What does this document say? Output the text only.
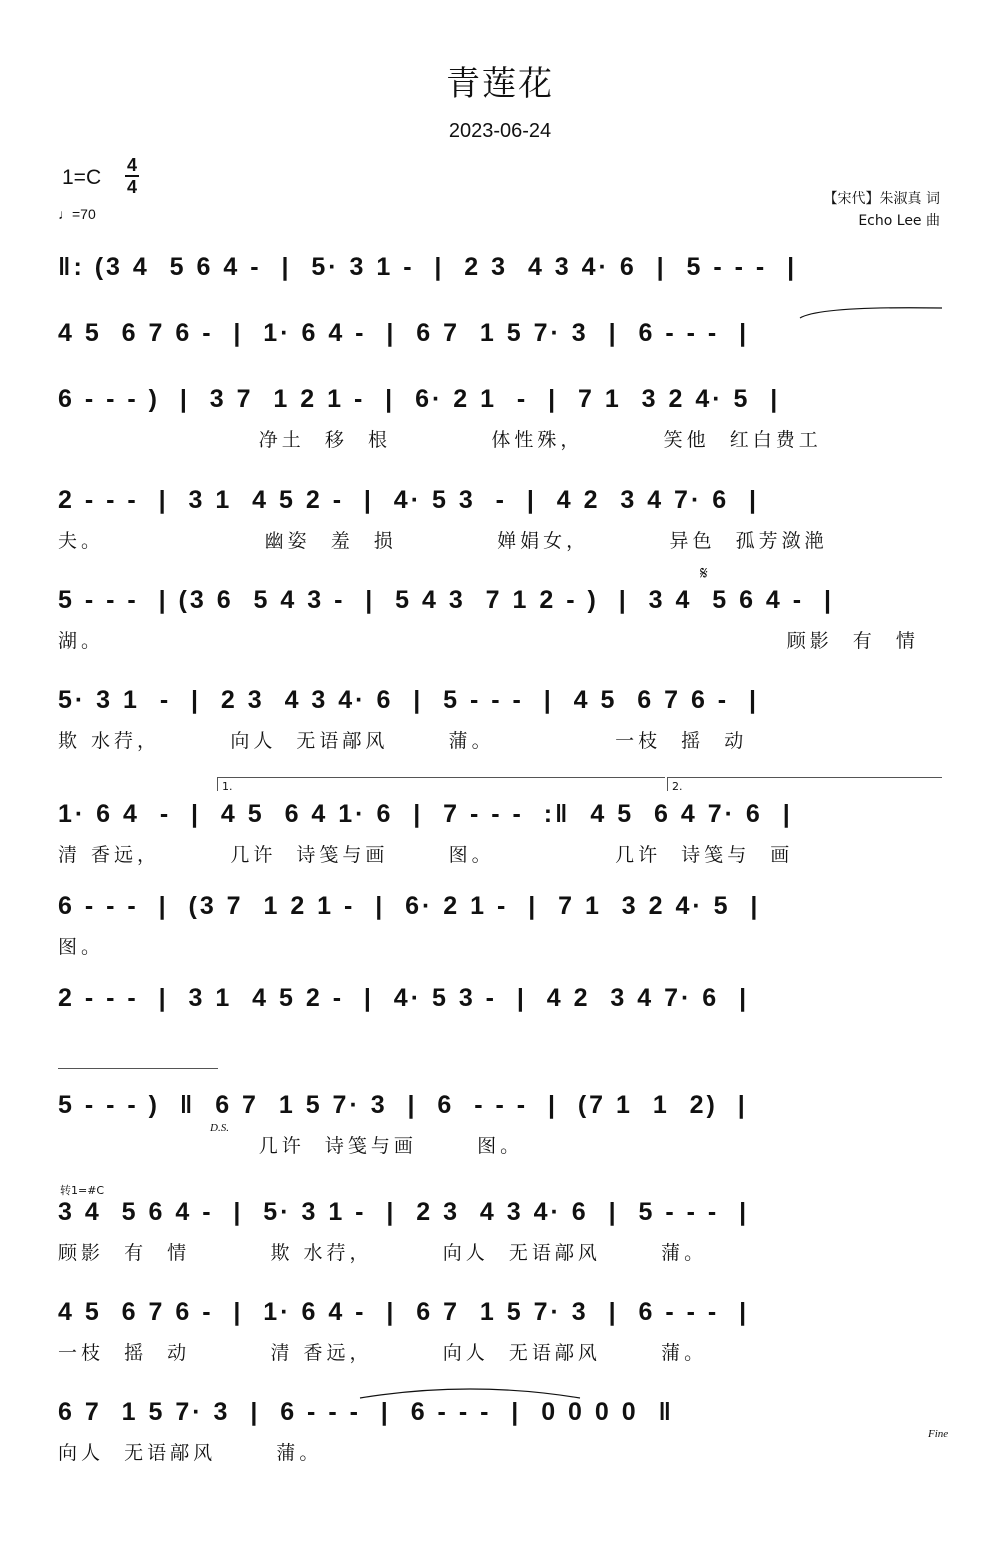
青莲花
2023-06-24
1=C
4
4
♩=70
【宋代】朱淑真 词
Echo Lee 曲
𝄋
1.	2.
D.S.
Fine
转1=#C
‖: (3 4  5 6 4 -  |  5· 3 1 -  |  2 3  4 3 4· 6  |  5 - - -  |
4 5  6 7 6 -  |  1· 6 4 -  |  6 7  1 5 7· 3  |  6 - - -  |
6 - - - )  |  3 7  1 2 1 -  |  6· 2 1  -  |  7 1  3 2 4· 5  |
净土  移  根          体性殊，        笑他  红白费工
2 - - -  |  3 1  4 5 2 -  |  4· 5 3  -  |  4 2  3 4 7· 6  |
夫。                幽姿  羞  损          婵娟女，        异色  孤芳潋滟
5 - - -  | (3 6  5 4 3 -  |  5 4 3  7 1 2 - )  |  3 4  5 6 4 -  |
湖。                                                                    顾影  有  情
5· 3 1  -  |  2 3  4 3 4· 6  |  5 - - -  |  4 5  6 7 6 -  |
欺 水荇，       向人  无语鄗风      蒲。            一枝  摇  动
1· 6 4  -  |  4 5  6 4 1· 6  |  7 - - -  :‖  4 5  6 4 7· 6  |
清 香远，       几许  诗笺与画      图。            几许  诗笺与  画
6 - - -  |  (3 7  1 2 1 -  |  6· 2 1 -  |  7 1  3 2 4· 5  |
图。
2 - - -  |  3 1  4 5 2 -  |  4· 5 3 -  |  4 2  3 4 7· 6  |
5 - - - )  ‖  6 7  1 5 7· 3  |  6  - - -  |  (7 1  1  2)  |
几许  诗笺与画      图。
3 4  5 6 4 -  |  5· 3 1 -  |  2 3  4 3 4· 6  |  5 - - -  |
顾影  有  情        欺 水荇，       向人  无语鄗风      蒲。
4 5  6 7 6 -  |  1· 6 4 -  |  6 7  1 5 7· 3  |  6 - - -  |
一枝  摇  动        清 香远，       向人  无语鄗风      蒲。
6 7  1 5 7· 3  |  6 - - -  |  6 - - -  |  0 0 0 0  ‖
向人  无语鄗风      蒲。
